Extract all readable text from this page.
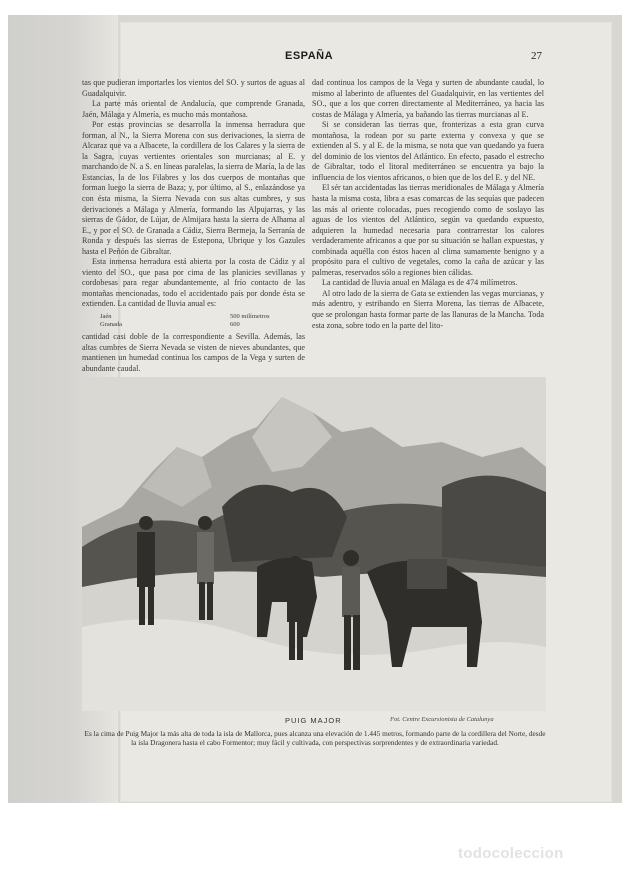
ESPAÑA	27

tas que pudieran importarles los vientos del SO. y surtos de aguas al Guadalquivir.

La parte más oriental de Andalucía, que comprende Granada, Jaén, Málaga y Almería, es mucho más montañosa.

Por estas provincias se desarrolla la inmensa herradura que forman, al N., la Sierra Morena con sus derivaciones, la sierra de Alcaraz que va a Albacete, la cordillera de los Calares y la sierra de la Sagra, cuyas vertientes orientales son murcianas; al E. y marchando de N. a S. en líneas paralelas, la sierra de María, la de las Estancias, la de los Filabres y los dos cuerpos de montañas que forman luego la sierra de Baza; y, por último, al S., enlazándose ya con ésta misma, la Sierra Nevada con sus altas cumbres, y sus derivaciones a Málaga y Almería, formando las Alpujarras, y las sierras de Gádor, de Lújar, de Almijara hasta la sierra de Alhama al E., y por el SO. de Granada a Cádiz, Sierra Bermeja, la Serranía de Ronda y después las sierras de Estepona, Ubrique y los Gazules hasta el Peñón de Gibraltar.

Esta inmensa herradura está abierta por la costa de Cádiz y al viento del SO., que pasa por cima de las planicies sevillanas y cordobesas para regar abundantemente, al frío contacto de las montañas mencionadas, todo el accidentado país por donde ésta se extienden. La cantidad de lluvia anual es:

Jaén	500 milímetros
Granada	600

cantidad casi doble de la correspondiente a Sevilla. Además, las altas cumbres de Sierra Nevada se visten de nieves abundantes, que mantienen un humedad continua los campos de la Vega y surten de abundante caudal.

dad continua los campos de la Vega y surten de abundante caudal, lo mismo al laberinto de afluentes del Guadalquivir, en las vertientes del SO., que a los que corren directamente al Mediterráneo, ya hacia las costas de Málaga y Almería, ya bañando las tierras murcianas al E.

Si se consideran las tierras que, fronterizas a esta gran curva montañosa, la rodean por su parte externa y convexa y que se extienden al S. y al E. de la misma, se nota que van quedando ya fuera del dominio de los vientos del Atlántico. En efecto, pasado el estrecho de Gibraltar, todo el litoral mediterráneo se encuentra ya bajo la influencia de los vientos africanos, o bien que de los del E. y del NE.

El sér tan accidentadas las tierras meridionales de Málaga y Almería hasta la misma costa, libra a esas comarcas de las sequías que padecen las más al oriente colocadas, pues recogiendo como de soslayo las aguas de los vientos del Atlántico, según va quedando expuesto, adquieren la humedad necesaria para contrarrestar los calores verdaderamente africanos a que por su situación se hallan expuestas, y combinada aquélla con éstos hacen al clima sumamente benigno y a propósito para el cultivo de vegetales, como la caña de azúcar y las palmeras, reservados sólo a regiones bien cálidas.

La cantidad de lluvia anual en Málaga es de 474 milímetros.

Al otro lado de la sierra de Gata se extienden las vegas murcianas, y más adentro, y estribando en Sierra Morena, las tierras de Albacete, que se prolongan hasta formar parte de las llanuras de la Mancha. Toda esta zona, sobre todo en la parte del lito-

PUIG MAJOR	Fot. Centre Excursionista de Catalunya
Es la cima de Puig Major la más alta de toda la isla de Mallorca, pues alcanza una elevación de 1.445 metros, formando parte de la cordillera del Norte, desde la isla Dragonera hasta el cabo Formentor; muy fácil y cultivada, con perspectivas sorprendentes y de extraordinaria variedad.
todocoleccion
